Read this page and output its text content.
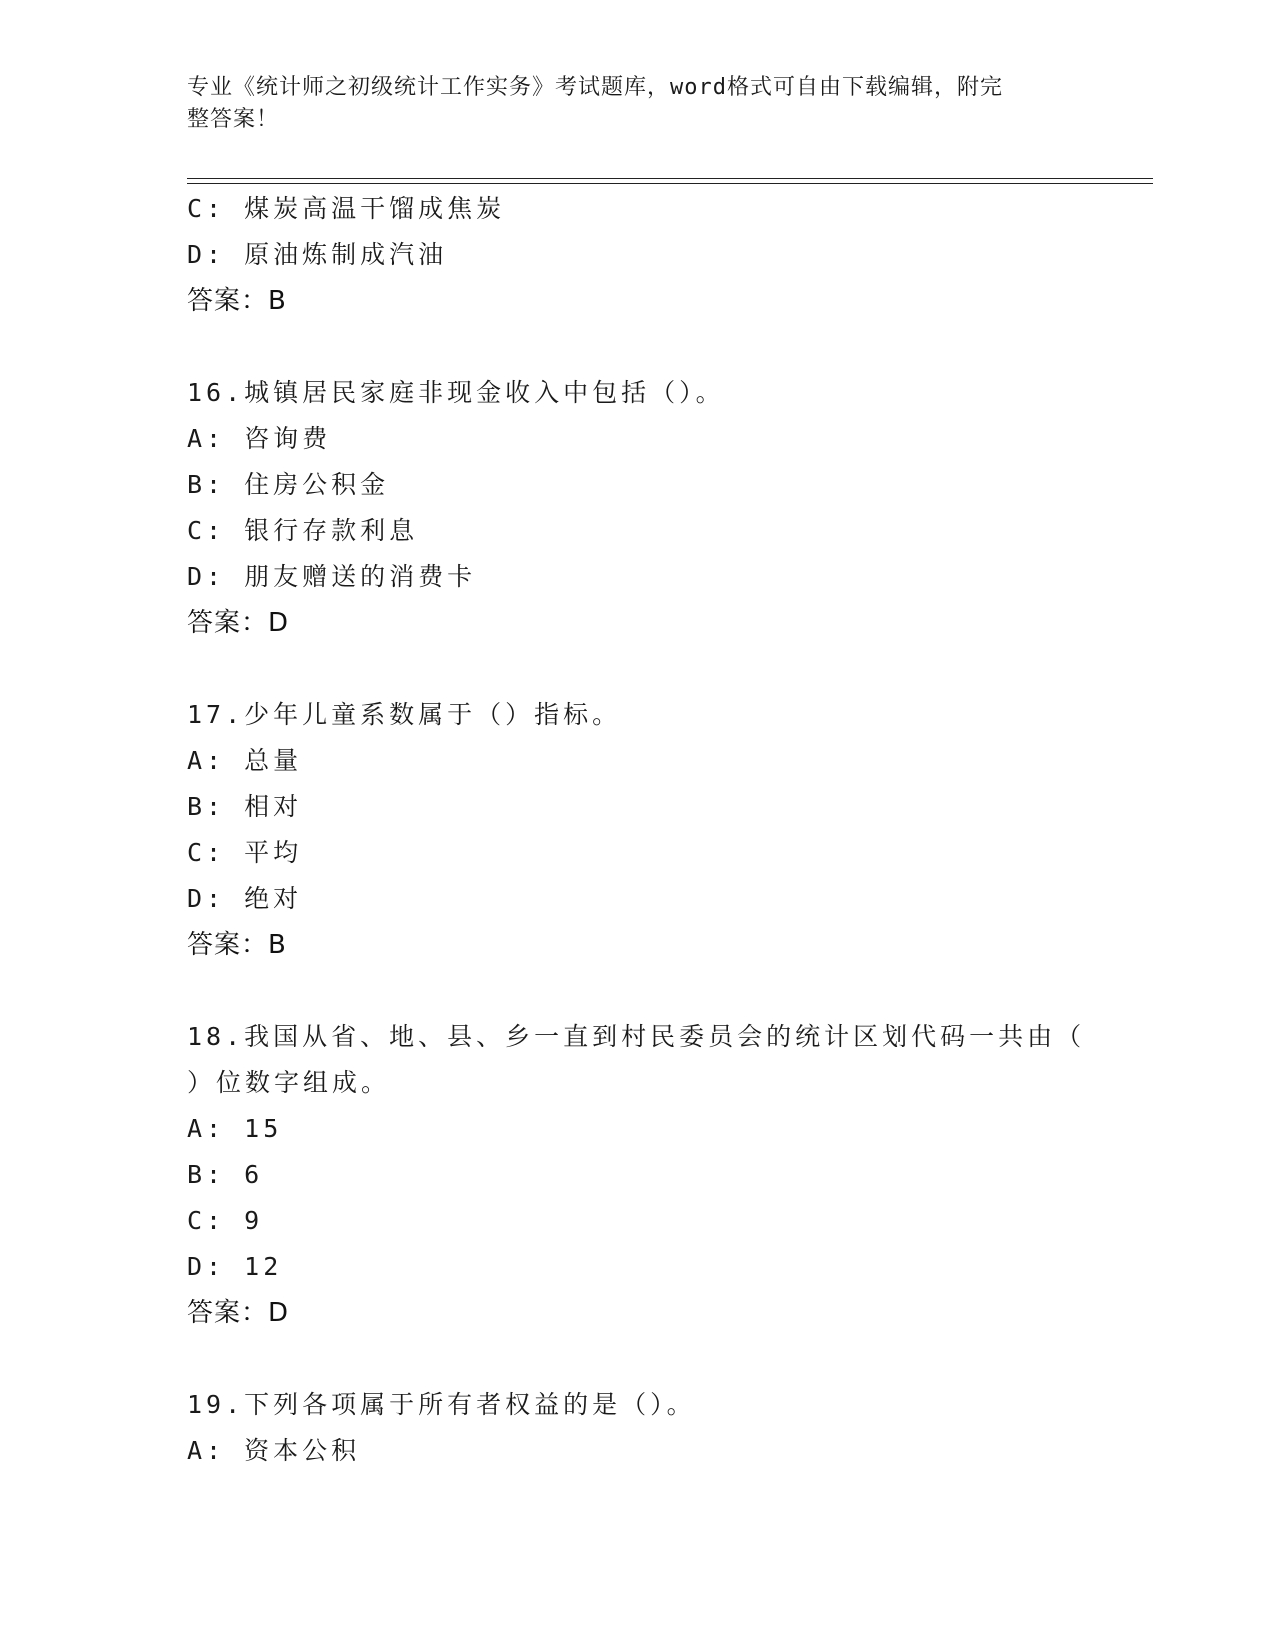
专业《统计师之初级统计工作实务》考试题库，word格式可自由下载编辑，附完
整答案！
C: 煤炭高温干馏成焦炭
D: 原油炼制成汽油
答案：B
16.城镇居民家庭非现金收入中包括（）。
A: 咨询费
B: 住房公积金
C: 银行存款利息
D: 朋友赠送的消费卡
答案：D
17.少年儿童系数属于（）指标。
A: 总量
B: 相对
C: 平均
D: 绝对
答案：B
18.我国从省、地、县、乡一直到村民委员会的统计区划代码一共由（
）位数字组成。
A: 15
B: 6
C: 9
D: 12
答案：D
19.下列各项属于所有者权益的是（）。
A: 资本公积
